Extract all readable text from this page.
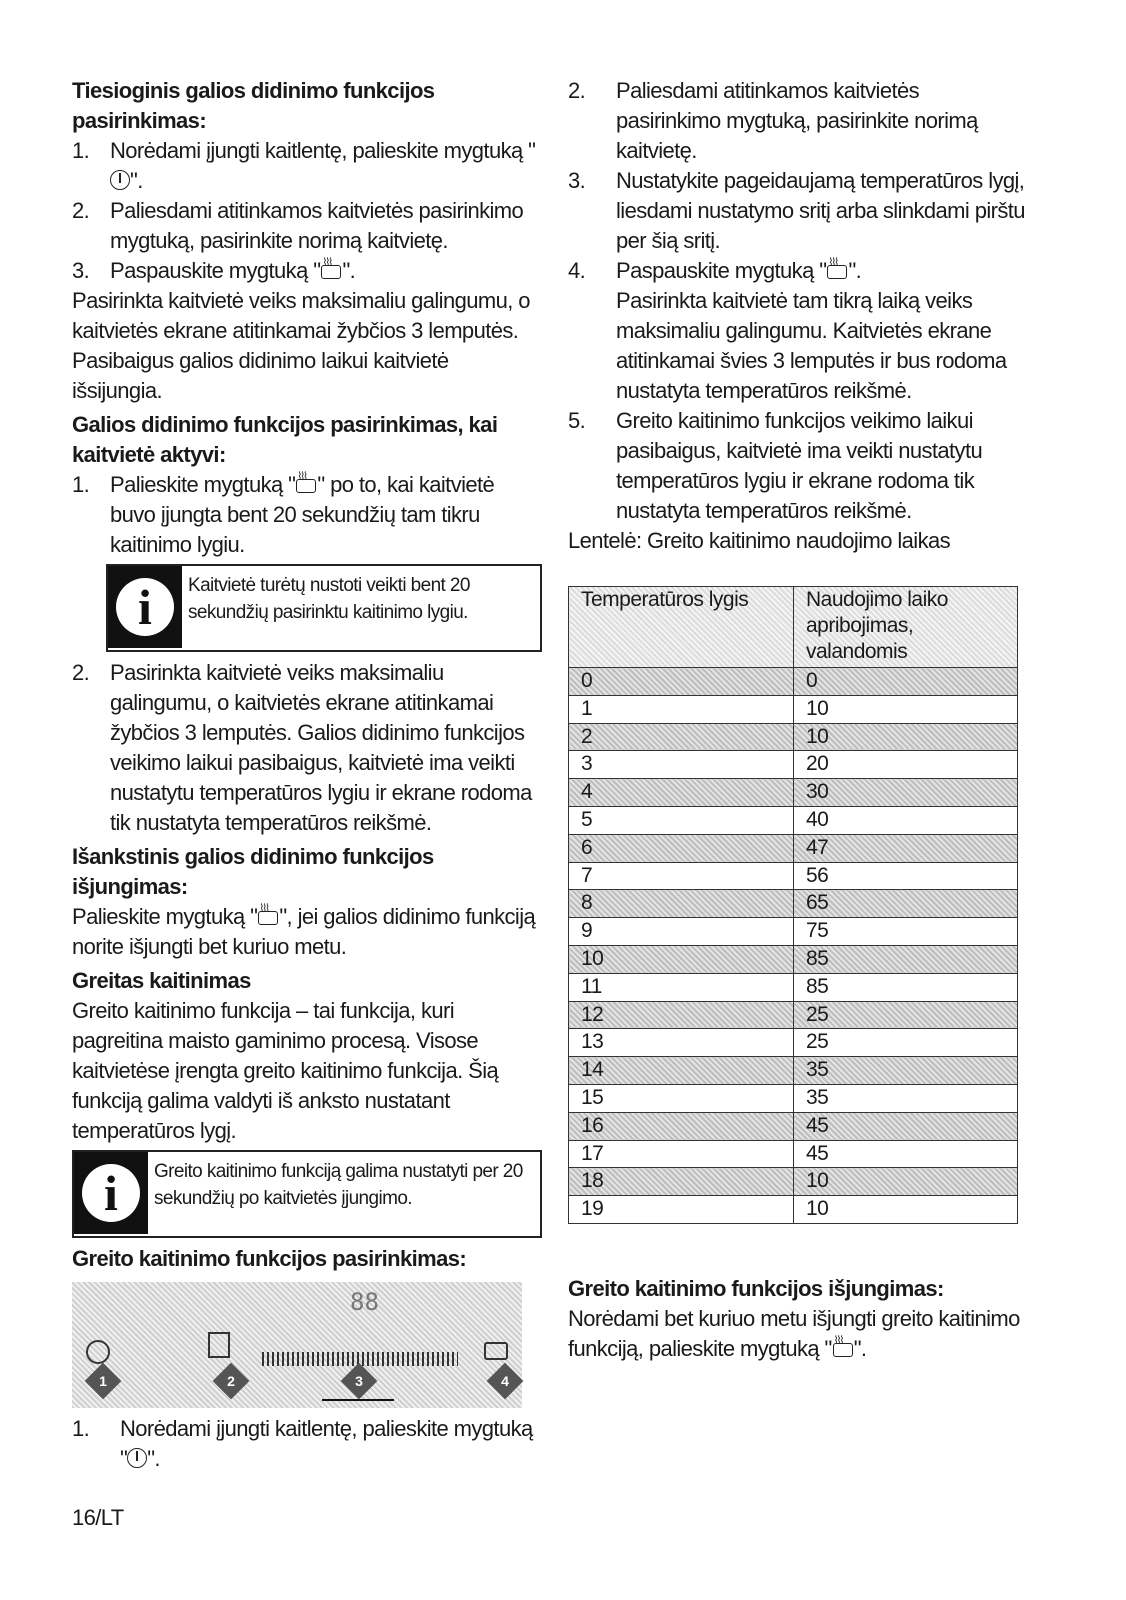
Tiesioginis galios didinimo funkcijos pasirinkimas:
1. Norėdami įjungti kaitlentę, palieskite mygtuką "".
2. Paliesdami atitinkamos kaitvietės pasirinkimo mygtuką, pasirinkite norimą kaitvietę.
3. Paspauskite mygtuką " ⌇⌇⌇ ".

Pasirinkta kaitvietė veiks maksimaliu galingumu, o kaitvietės ekrane atitinkamai žybčios 3 lemputės. Pasibaigus galios didinimo laikui kaitvietė išsijungia.

Galios didinimo funkcijos pasirinkimas, kai kaitvietė aktyvi:
1. Palieskite mygtuką " ⌇⌇⌇ " po to, kai kaitvietė buvo įjungta bent 20 sekundžių tam tikru kaitinimo lygiu.
i	Kaitvietė turėtų nustoti veikti bent 20 sekundžių pasirinktu kaitinimo lygiu.
2. Pasirinkta kaitvietė veiks maksimaliu galingumu, o kaitvietės ekrane atitinkamai žybčios 3 lemputės. Galios didinimo funkcijos veikimo laikui pasibaigus, kaitvietė ima veikti nustatytu temperatūros lygiu ir ekrane rodoma tik nustatyta temperatūros reikšmė.
Išankstinis galios didinimo funkcijos išjungimas:

Palieskite mygtuką " ⌇⌇⌇ ", jei galios didinimo funkciją norite išjungti bet kuriuo metu.

Greitas kaitinimas

Greito kaitinimo funkcija – tai funkcija, kuri pagreitina maisto gaminimo procesą. Visose kaitvietėse įrengta greito kaitinimo funkcija. Šią funkciją galima valdyti iš anksto nustatant temperatūros lygį.

i	Greito kaitinimo funkciją galima nustatyti per 20 sekundžių po kaitvietės įjungimo.
Greito kaitinimo funkcijos pasirinkimas:
88
1	2	3	4
1.	Norėdami įjungti kaitlentę, palieskite mygtuką " ".
2.	Paliesdami atitinkamos kaitvietės pasirinkimo mygtuką, pasirinkite norimą kaitvietę.
3.	Nustatykite pageidaujamą temperatūros lygį, liesdami nustatymo sritį arba slinkdami pirštu per šią sritį.
4.	Paspauskite mygtuką " ⌇⌇⌇ ".
Pasirinkta kaitvietė tam tikrą laiką veiks maksimaliu galingumu. Kaitvietės ekrane atitinkamai švies 3 lemputės ir bus rodoma nustatyta temperatūros reikšmė.
5.	Greito kaitinimo funkcijos veikimo laikui pasibaigus, kaitvietė ima veikti nustatytu temperatūros lygiu ir ekrane rodoma tik nustatyta temperatūros reikšmė.

Lentelė: Greito kaitinimo naudojimo laikas

Temperatūros lygis	Naudojimo laiko apribojimas, valandomis
0	0
1	10
2	10
3	20
4	30
5	40
6	47
7	56
8	65
9	75
10	85
11	85
12	25
13	25
14	35
15	35
16	45
17	45
18	10
19	10
Greito kaitinimo funkcijos išjungimas:

Norėdami bet kuriuo metu išjungti greito kaitinimo funkciją, palieskite mygtuką " ⌇⌇⌇ ".

16/LT
